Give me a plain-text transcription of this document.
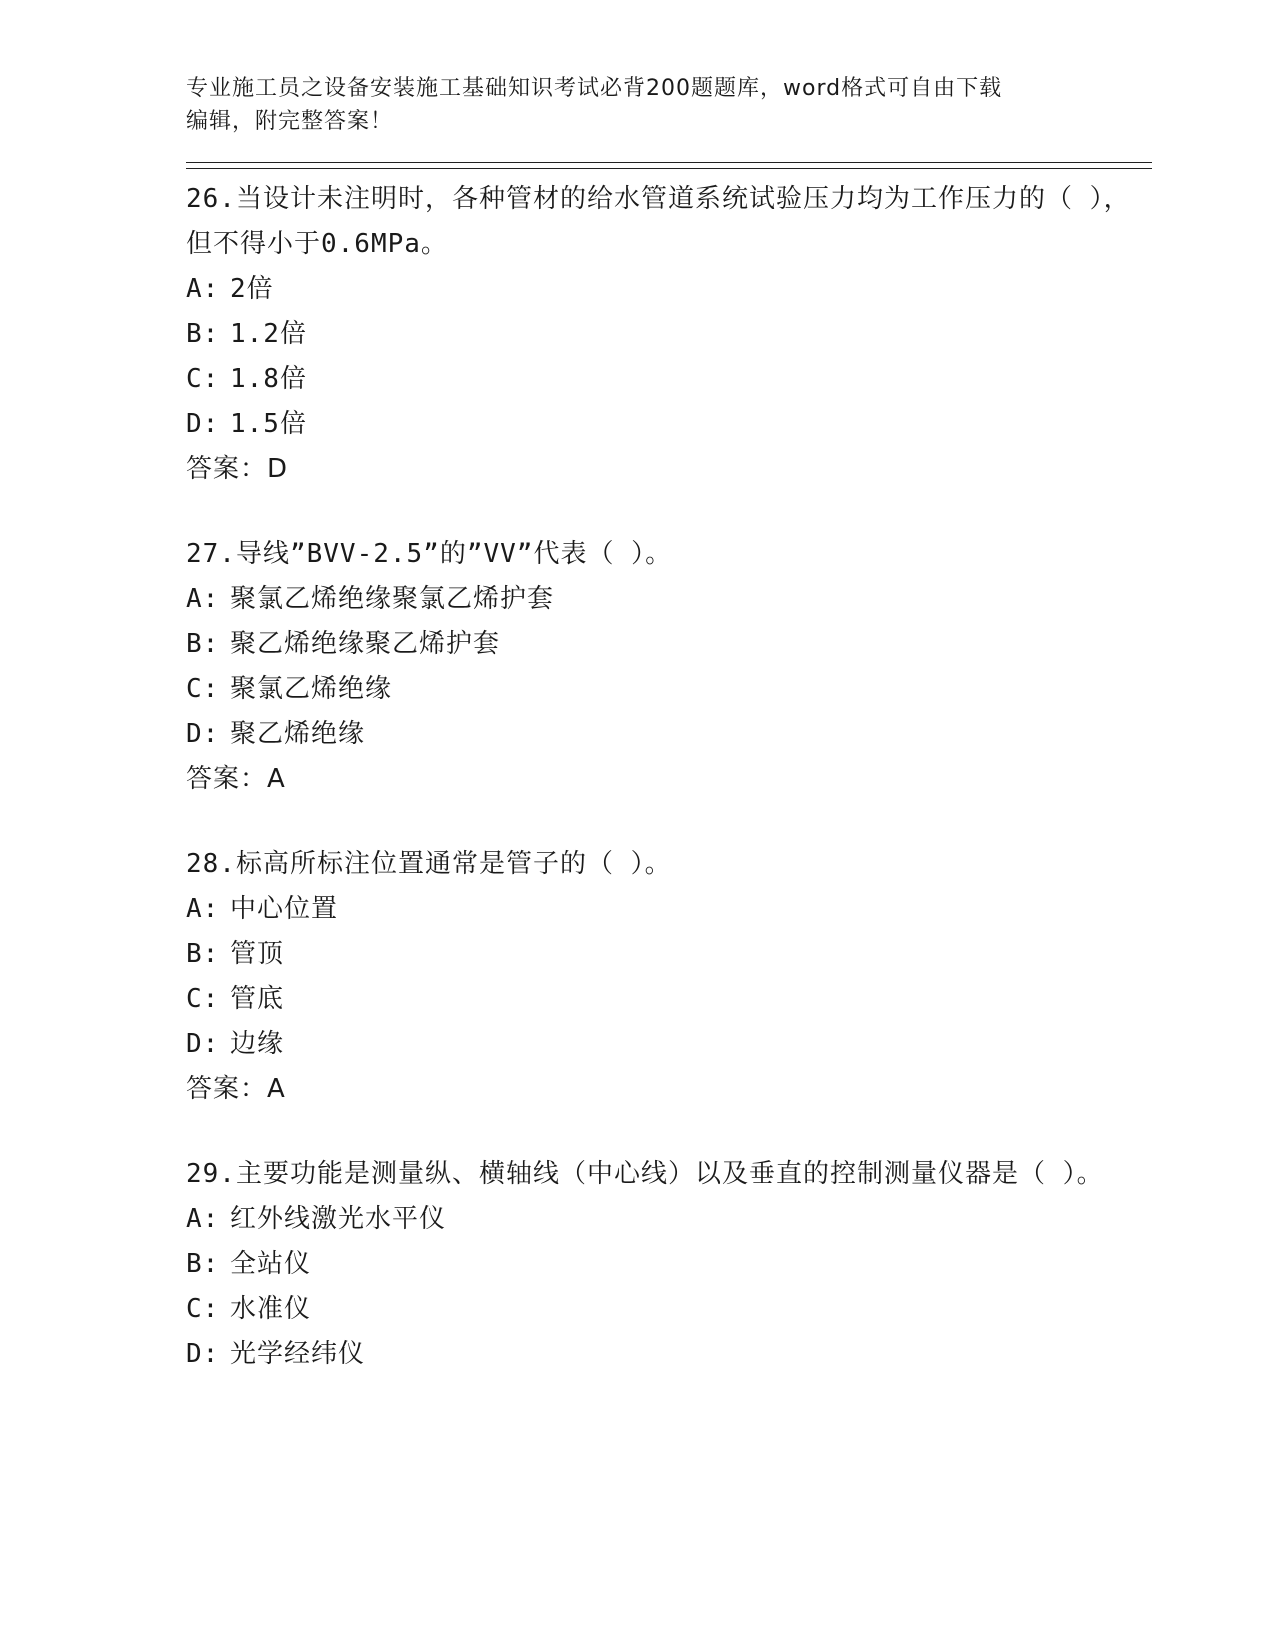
专业施工员之设备安装施工基础知识考试必背200题题库，word格式可自由下载
编辑，附完整答案！
26.当设计未注明时，各种管材的给水管道系统试验压力均为工作压力的（ ），但不得小于0.6MPa。
A: 2倍
B: 1.2倍
C: 1.8倍
D: 1.5倍
答案：D
27.导线”BVV-2.5”的”VV”代表（ ）。
A: 聚氯乙烯绝缘聚氯乙烯护套
B: 聚乙烯绝缘聚乙烯护套
C: 聚氯乙烯绝缘
D: 聚乙烯绝缘
答案：A
28.标高所标注位置通常是管子的（ ）。
A: 中心位置
B: 管顶
C: 管底
D: 边缘
答案：A
29.主要功能是测量纵、横轴线（中心线）以及垂直的控制测量仪器是（ ）。
A: 红外线激光水平仪
B: 全站仪
C: 水准仪
D: 光学经纬仪
